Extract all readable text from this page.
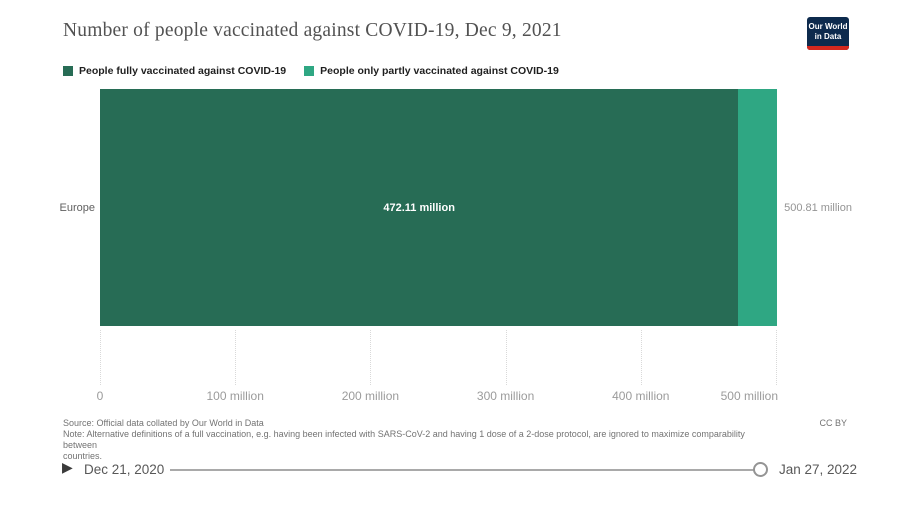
Number of people vaccinated against COVID-19, Dec 9, 2021	Our World
in Data
People fully vaccinated against COVID-19	People only partly vaccinated against COVID-19
Europe	472.11 million	500.81 million
0	100 million	200 million	300 million	400 million	500 million
Source: Official data collated by Our World in Data	CC BY
Note: Alternative definitions of a full vaccination, e.g. having been infected with SARS-CoV-2 and having 1 dose of a 2-dose protocol, are ignored to maximize comparability
between
countries.
▶ Dec 21, 2020	Jan 27, 2022
